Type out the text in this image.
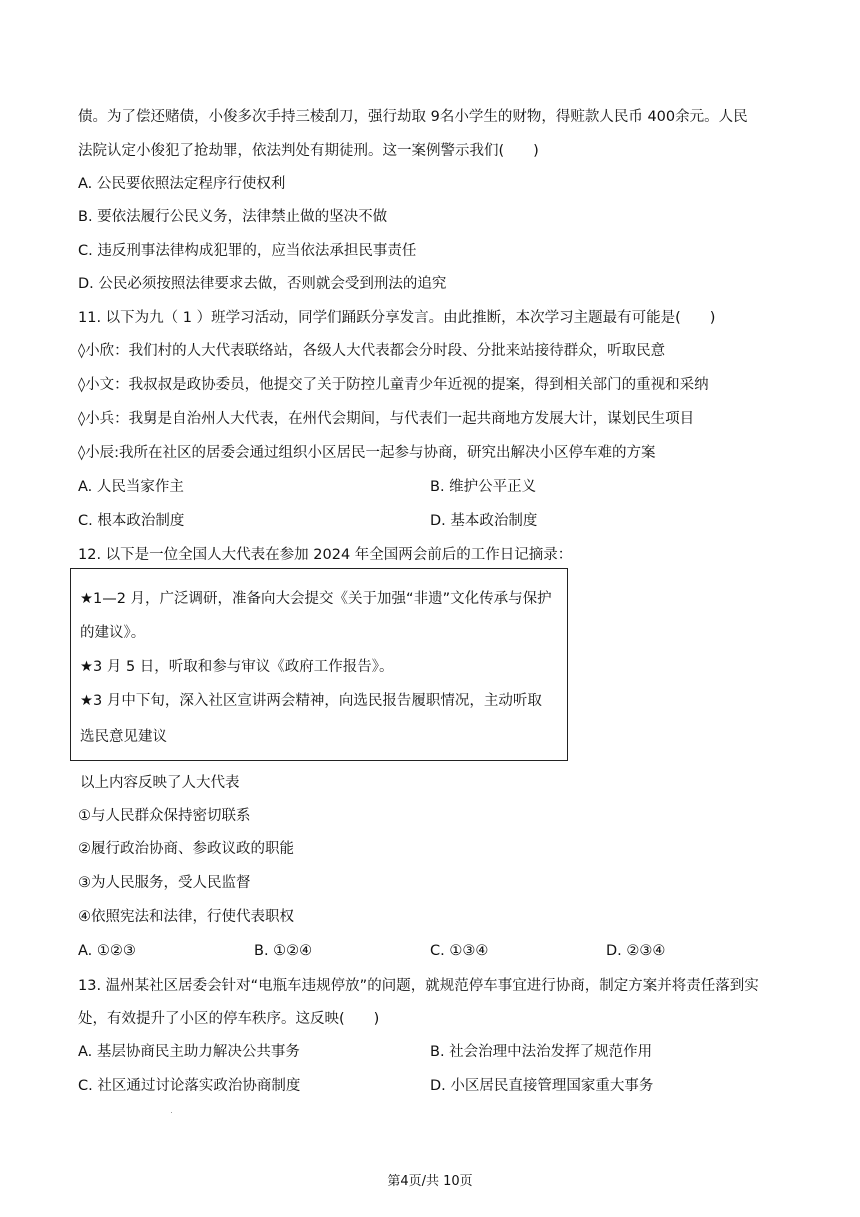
债。为了偿还赌债，小俊多次手持三棱刮刀，强行劫取 9名小学生的财物，得赃款人民币 400余元。人民
法院认定小俊犯了抢劫罪，依法判处有期徒刑。这一案例警示我们(　　)
A. 公民要依照法定程序行使权利
B. 要依法履行公民义务，法律禁止做的坚决不做
C. 违反刑事法律构成犯罪的，应当依法承担民事责任
D. 公民必须按照法律要求去做，否则就会受到刑法的追究
11. 以下为九（ 1 ）班学习活动，同学们踊跃分享发言。由此推断，本次学习主题最有可能是(　　)
◊小欣：我们村的人大代表联络站，各级人大代表都会分时段、分批来站接待群众，听取民意
◊小文：我叔叔是政协委员，他提交了关于防控儿童青少年近视的提案，得到相关部门的重视和采纳
◊小兵：我舅是自治州人大代表，在州代会期间，与代表们一起共商地方发展大计，谋划民生项目
◊小辰:我所在社区的居委会通过组织小区居民一起参与协商，研究出解决小区停车难的方案
A. 人民当家作主	B. 维护公平正义
C. 根本政治制度	D. 基本政治制度
12. 以下是一位全国人大代表在参加 2024 年全国两会前后的工作日记摘录：
★1—2 月，广泛调研，准备向大会提交《关于加强“非遗”文化传承与保护
的建议》。
★3 月 5 日，听取和参与审议《政府工作报告》。
★3 月中下旬，深入社区宣讲两会精神，向选民报告履职情况，主动听取
选民意见建议
以上内容反映了人大代表
①与人民群众保持密切联系
②履行政治协商、参政议政的职能
③为人民服务，受人民监督
④依照宪法和法律，行使代表职权
A. ①②③	B. ①②④	C. ①③④	D. ②③④
13. 温州某社区居委会针对“电瓶车违规停放”的问题，就规范停车事宜进行协商，制定方案并将责任落到实
处，有效提升了小区的停车秩序。这反映(　　)
A. 基层协商民主助力解决公共事务	B. 社会治理中法治发挥了规范作用
C. 社区通过讨论落实政治协商制度	D. 小区居民直接管理国家重大事务
第4页/共 10页
